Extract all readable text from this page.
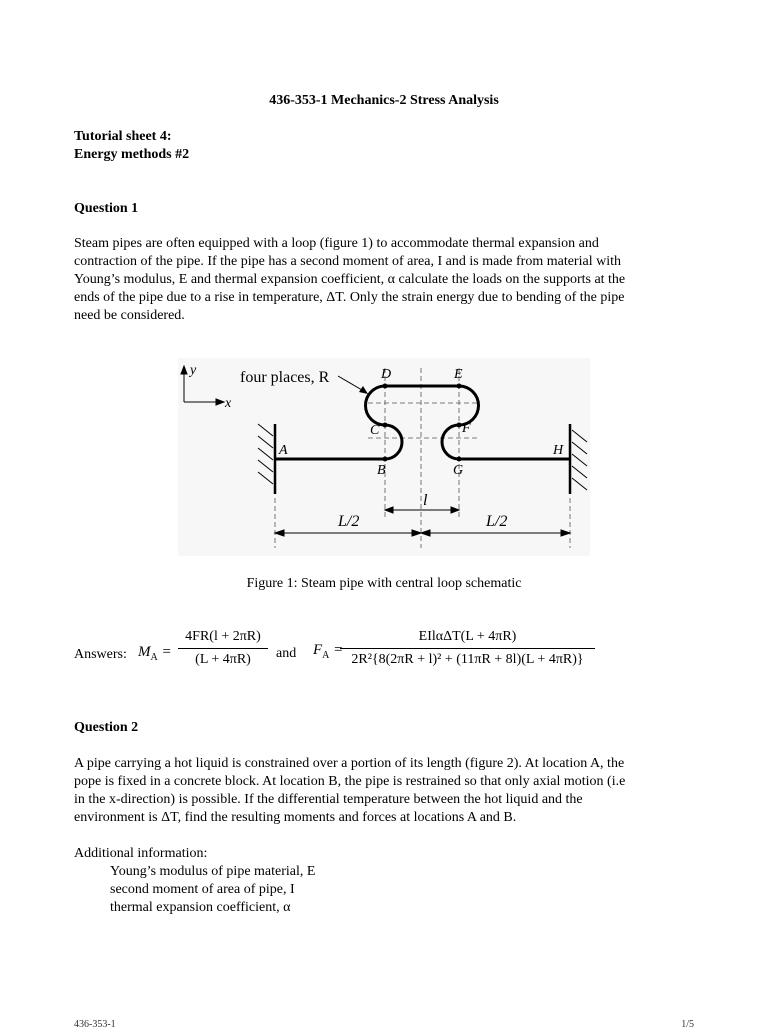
436-353-1 Mechanics-2 Stress Analysis
Tutorial sheet 4:
Energy methods #2
Question 1
Steam pipes are often equipped with a loop (figure 1) to accommodate thermal expansion and
contraction of the pipe. If the pipe has a second moment of area, I and is made from material with
Young’s modulus, E and thermal expansion coefficient, α calculate the loads on the supports at the
ends of the pipe due to a rise in temperature, ΔT. Only the strain energy due to bending of the pipe
need be considered.
y
x
four places, R
A
B
C
D	E
F
G
H
l
L/2	L/2
Figure 1: Steam pipe with central loop schematic
Answers: $M_A$ =
4FR(l + 2πR)
(L + 4πR)	and $F_A$ =
EIlαΔT(L + 4πR)
2R²{8(2πR + l)² + (11πR + 8l)(L + 4πR)}
Question 2
A pipe carrying a hot liquid is constrained over a portion of its length (figure 2). At location A, the
pope is fixed in a concrete block. At location B, the pipe is restrained so that only axial motion (i.e
in the x-direction) is possible. If the differential temperature between the hot liquid and the
environment is ΔT, find the resulting moments and forces at locations A and B.
Additional information:
Young’s modulus of pipe material, E
second moment of area of pipe, I
thermal expansion coefficient, α
436-353-1	1/5
